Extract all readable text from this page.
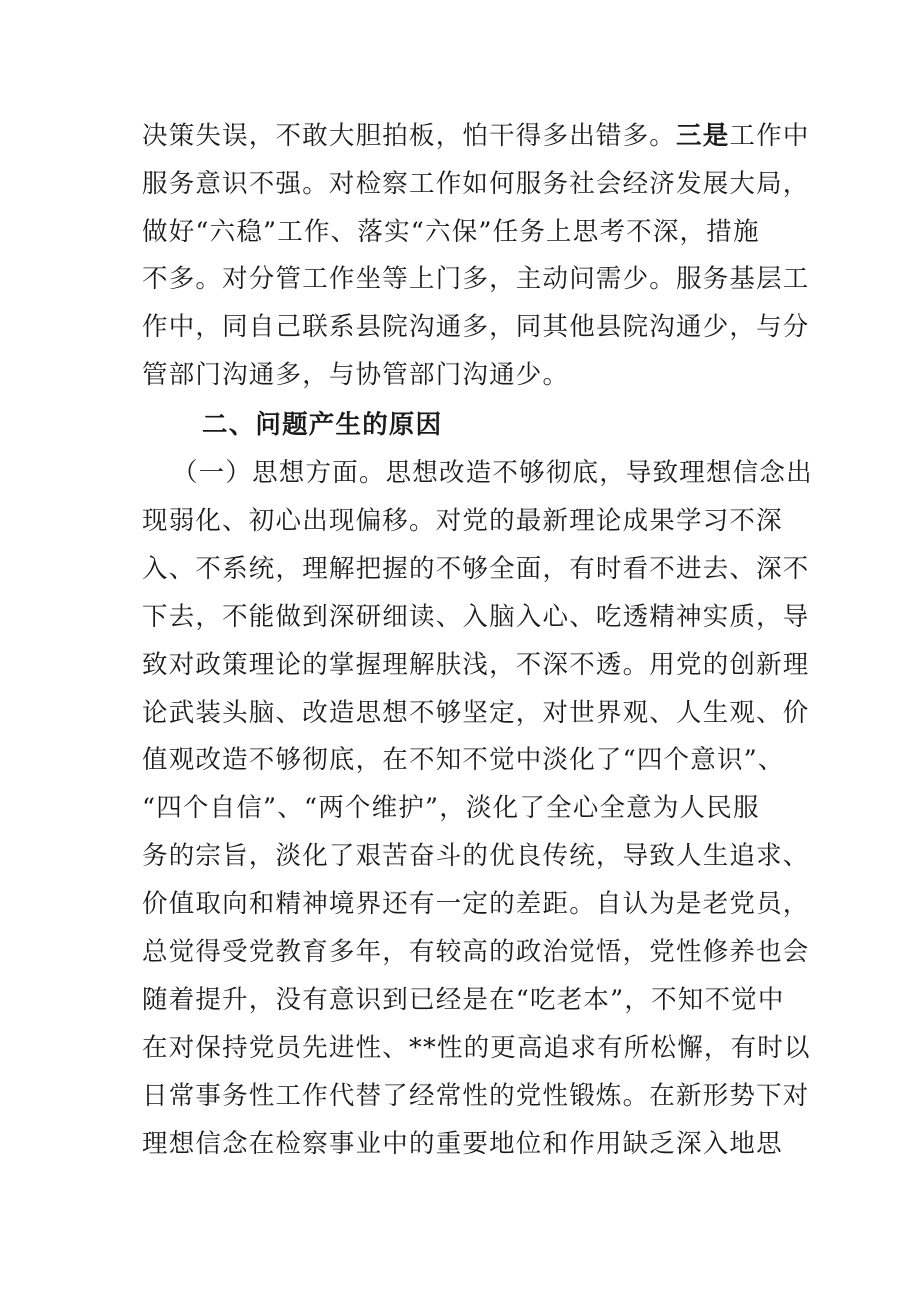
决策失误，不敢大胆拍板，怕干得多出错多。三是工作中
服务意识不强。对检察工作如何服务社会经济发展大局，
做好“六稳”工作、落实“六保”任务上思考不深，措施
不多。对分管工作坐等上门多，主动问需少。服务基层工
作中，同自己联系县院沟通多，同其他县院沟通少，与分
管部门沟通多，与协管部门沟通少。
二、问题产生的原因
（一）思想方面。思想改造不够彻底，导致理想信念出
现弱化、初心出现偏移。对党的最新理论成果学习不深
入、不系统，理解把握的不够全面，有时看不进去、深不
下去，不能做到深研细读、入脑入心、吃透精神实质，导
致对政策理论的掌握理解肤浅，不深不透。用党的创新理
论武装头脑、改造思想不够坚定，对世界观、人生观、价
值观改造不够彻底，在不知不觉中淡化了“四个意识”、
“四个自信”、“两个维护”，淡化了全心全意为人民服
务的宗旨，淡化了艰苦奋斗的优良传统，导致人生追求、
价值取向和精神境界还有一定的差距。自认为是老党员，
总觉得受党教育多年，有较高的政治觉悟，党性修养也会
随着提升，没有意识到已经是在“吃老本”，不知不觉中
在对保持党员先进性、**性的更高追求有所松懈，有时以
日常事务性工作代替了经常性的党性锻炼。在新形势下对
理想信念在检察事业中的重要地位和作用缺乏深入地思
